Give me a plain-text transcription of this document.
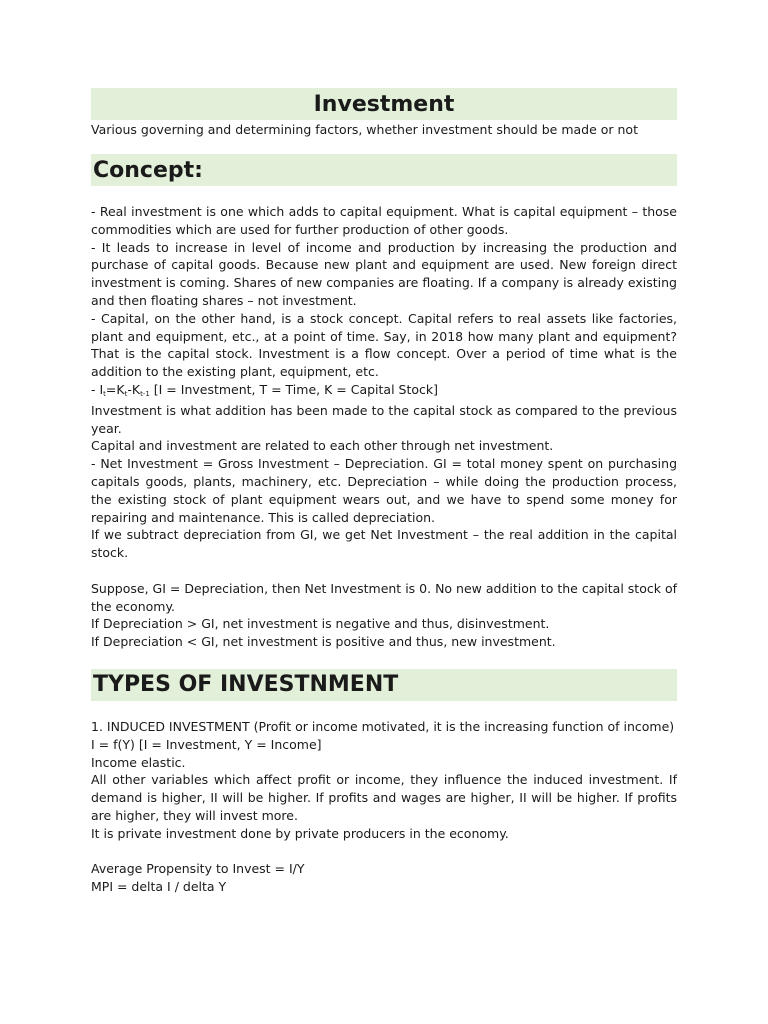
Investment
Various governing and determining factors, whether investment should be made or not
Concept:

- Real investment is one which adds to capital equipment. What is capital equipment – those commodities which are used for further production of other goods.

- It leads to increase in level of income and production by increasing the production and purchase of capital goods. Because new plant and equipment are used. New foreign direct investment is coming. Shares of new companies are floating. If a company is already existing and then floating shares – not investment.

- Capital, on the other hand, is a stock concept. Capital refers to real assets like factories, plant and equipment, etc., at a point of time. Say, in 2018 how many plant and equipment? That is the capital stock. Investment is a flow concept. Over a period of time what is the addition to the existing plant, equipment, etc.

- $I_t=K_t-K_{t-1}$ [I = Investment, T = Time, K = Capital Stock]

Investment is what addition has been made to the capital stock as compared to the previous year.

Capital and investment are related to each other through net investment.

- Net Investment = Gross Investment – Depreciation. GI = total money spent on purchasing capitals goods, plants, machinery, etc. Depreciation – while doing the production process, the existing stock of plant equipment wears out, and we have to spend some money for repairing and maintenance. This is called depreciation.

If we subtract depreciation from GI, we get Net Investment – the real addition in the capital stock.

Suppose, GI = Depreciation, then Net Investment is 0. No new addition to the capital stock of the economy.

If Depreciation > GI, net investment is negative and thus, disinvestment.

If Depreciation < GI, net investment is positive and thus, new investment.

TYPES OF INVESTNMENT

1. INDUCED INVESTMENT (Profit or income motivated, it is the increasing function of income)

I = f(Y) [I = Investment, Y = Income]

Income elastic.

All other variables which affect profit or income, they influence the induced investment. If demand is higher, II will be higher. If profits and wages are higher, II will be higher. If profits are higher, they will invest more.

It is private investment done by private producers in the economy.

Average Propensity to Invest = I/Y

MPI = delta I / delta Y
